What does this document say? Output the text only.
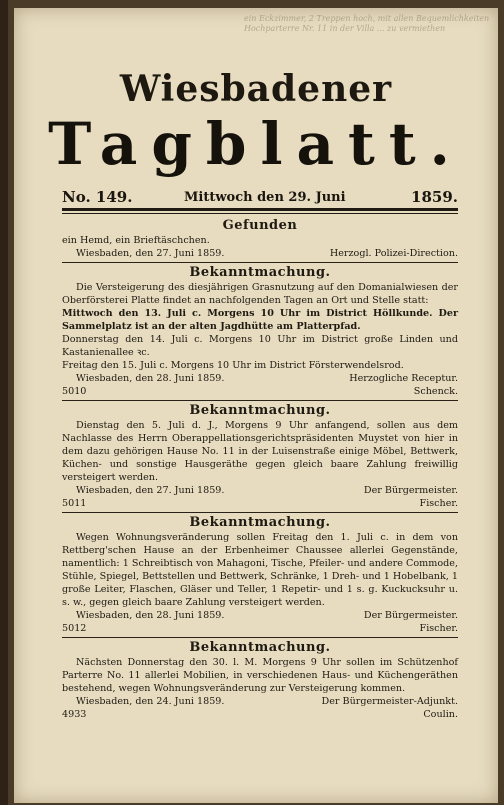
ein Eckzimmer, 2 Treppen hoch, mit allen Bequemlichkeiten Hochparterre Nr. 11 in der Villa ... zu vermiethen
Wiesbadener
Tagblatt.
No. 149.	Mittwoch den 29. Juni	1859.
Gefunden
ein Hemd, ein Brieftäschchen.
Wiesbaden, den 27. Juni 1859.	Herzogl. Polizei-Direction.
Bekanntmachung.
Die Versteigerung des diesjährigen Grasnutzung auf den Domanialwiesen der Oberförsterei Platte findet an nachfolgenden Tagen an Ort und Stelle statt:
Mittwoch den 13. Juli c. Morgens 10 Uhr im District Höllkunde. Der Sammelplatz ist an der alten Jagdhütte am Platterpfad.
Donnerstag den 14. Juli c. Morgens 10 Uhr im District große Linden und Kastanienallee ꝛc.
Freitag den 15. Juli c. Morgens 10 Uhr im District Försterwendelsrod.
Wiesbaden, den 28. Juni 1859.	Herzogliche Receptur.
5010	Schenck.
Bekanntmachung.
Dienstag den 5. Juli d. J., Morgens 9 Uhr anfangend, sollen aus dem Nachlasse des Herrn Oberappellationsgerichtspräsidenten Muystet von hier in dem dazu gehörigen Hause No. 11 in der Luisenstraße einige Möbel, Bettwerk, Küchen- und sonstige Hausgeräthe gegen gleich baare Zahlung freiwillig versteigert werden.
Wiesbaden, den 27. Juni 1859.	Der Bürgermeister.
5011	Fischer.
Bekanntmachung.
Wegen Wohnungsveränderung sollen Freitag den 1. Juli c. in dem von Rettberg'schen Hause an der Erbenheimer Chaussee allerlei Gegenstände, namentlich: 1 Schreibtisch von Mahagoni, Tische, Pfeiler- und andere Commode, Stühle, Spiegel, Bettstellen und Bettwerk, Schränke, 1 Dreh- und 1 Hobelbank, 1 große Leiter, Flaschen, Gläser und Teller, 1 Repetir- und 1 s. g. Kuckucksuhr u. s. w., gegen gleich baare Zahlung versteigert werden.
Wiesbaden, den 28. Juni 1859.	Der Bürgermeister.
5012	Fischer.
Bekanntmachung.
Nächsten Donnerstag den 30. l. M. Morgens 9 Uhr sollen im Schützenhof Parterre No. 11 allerlei Mobilien, in verschiedenen Haus- und Küchengeräthen bestehend, wegen Wohnungsveränderung zur Versteigerung kommen.
Wiesbaden, den 24. Juni 1859.	Der Bürgermeister-Adjunkt.
4933	Coulin.
